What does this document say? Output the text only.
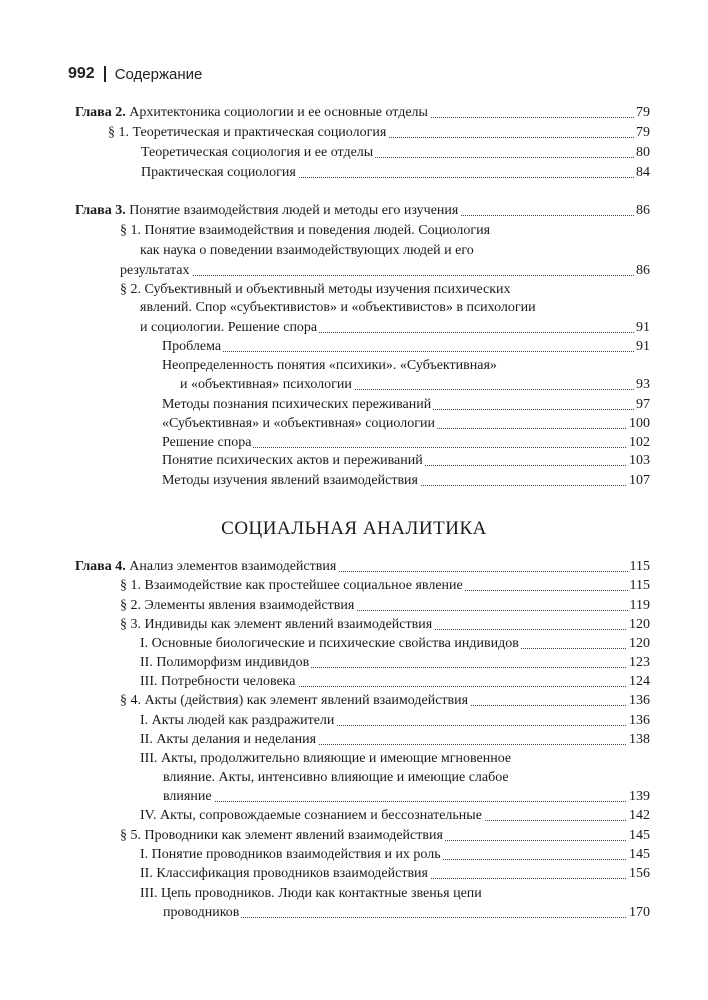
992 Содержание
СОЦИАЛЬНАЯ АНАЛИТИКА
Глава 2. Архитектоника социологии и ее основные отделы	79
§ 1. Теоретическая и практическая социология	79
Теоретическая социология и ее отделы	80
Практическая социология	84
Глава 3. Понятие взаимодействия людей и методы его изучения	86
§ 1. Понятие взаимодействия и поведения людей. Социология
как наука о поведении взаимодействующих людей и его
результатах	86
§ 2. Субъективный и объективный методы изучения психических
явлений. Спор «субъективистов» и «объективистов» в психологии
и социологии. Решение спора	91
Проблема	91
Неопределенность понятия «психики». «Субъективная»
и «объективная» психологии	93
Методы познания психических переживаний	97
«Субъективная» и «объективная» социологии	100
Решение спора	102
Понятие психических актов и переживаний	103
Методы изучения явлений взаимодействия	107
Глава 4. Анализ элементов взаимодействия	115
§ 1. Взаимодействие как простейшее социальное явление	115
§ 2. Элементы явления взаимодействия	119
§ 3. Индивиды как элемент явлений взаимодействия	120
I. Основные биологические и психические свойства индивидов	120
II. Полиморфизм индивидов	123
III. Потребности человека	124
§ 4. Акты (действия) как элемент явлений взаимодействия	136
I. Акты людей как раздражители	136
II. Акты делания и неделания	138
III. Акты, продолжительно влияющие и имеющие мгновенное
влияние. Акты, интенсивно влияющие и имеющие слабое
влияние	139
IV. Акты, сопровождаемые сознанием и бессознательные	142
§ 5. Проводники как элемент явлений взаимодействия	145
I. Понятие проводников взаимодействия и их роль	145
II. Классификация проводников взаимодействия	156
III. Цепь проводников. Люди как контактные звенья цепи
проводников	170
